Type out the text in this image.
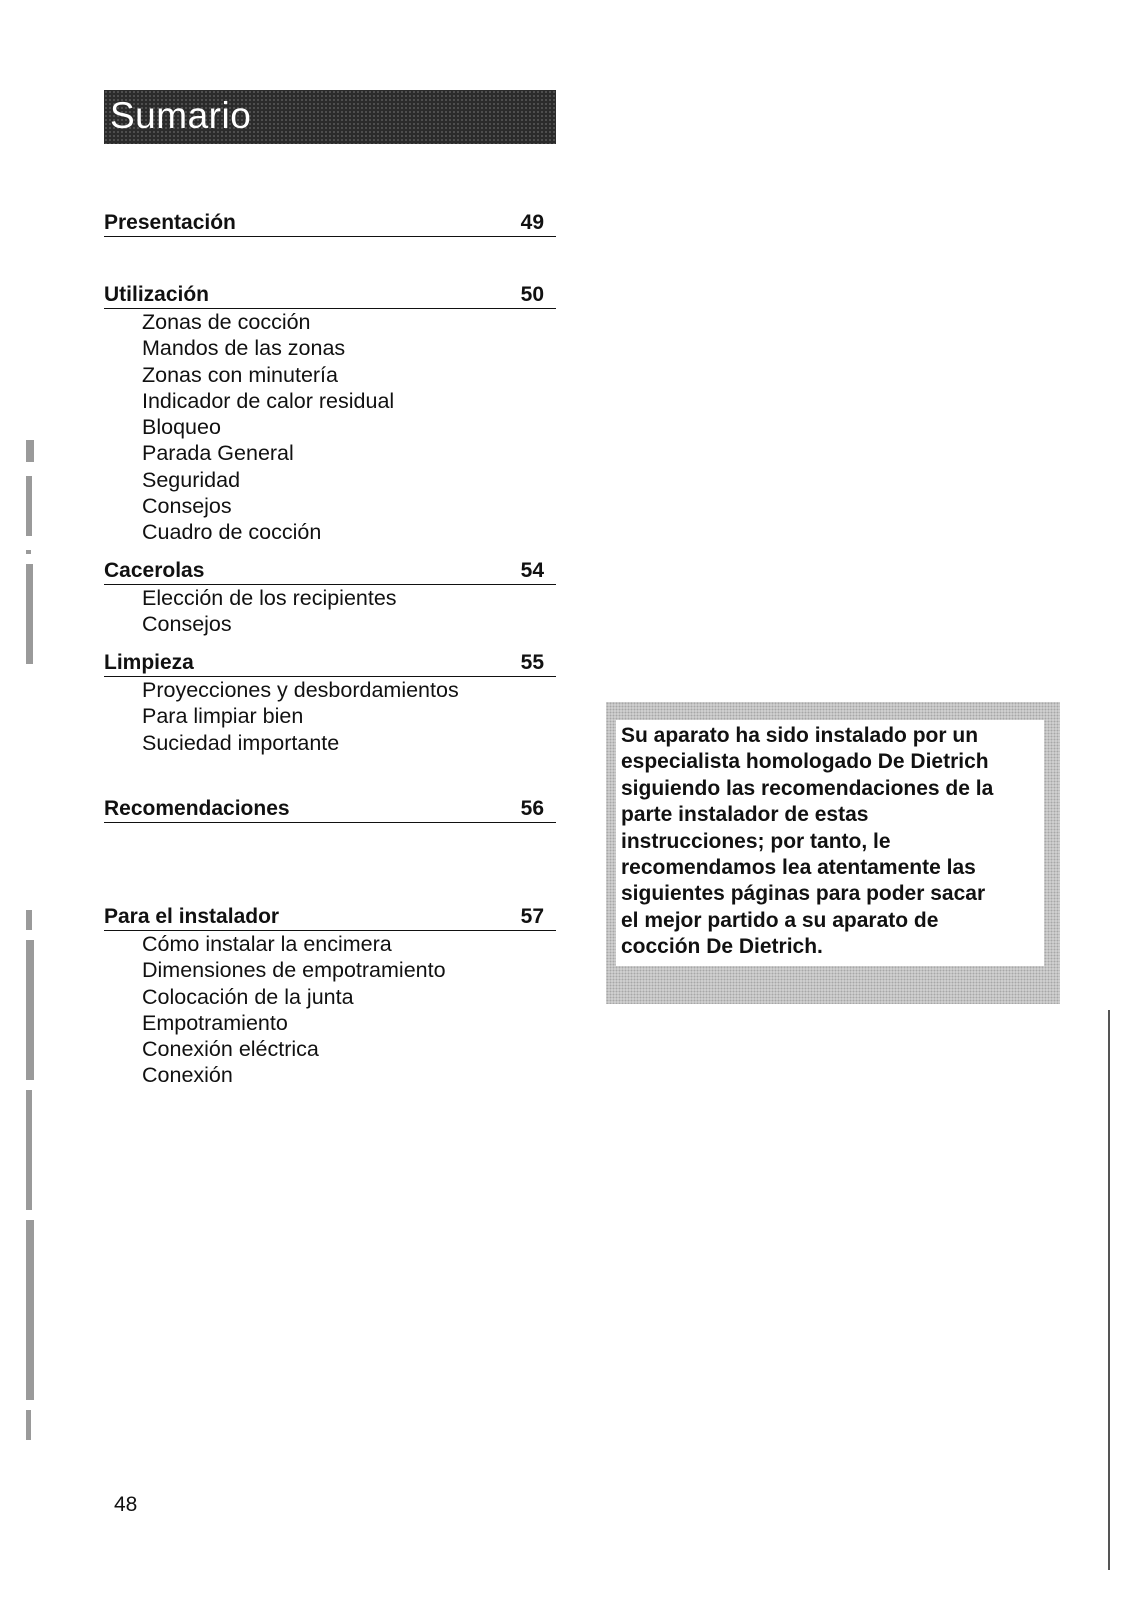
Sumario
Presentación	49
Utilización	50
Zonas de cocción
Mandos de las zonas
Zonas con minutería
Indicador de calor residual
Bloqueo
Parada General
Seguridad
Consejos
Cuadro de cocción
Cacerolas	54
Elección de los recipientes
Consejos
Limpieza	55
Proyecciones y desbordamientos
Para limpiar bien
Suciedad importante
Recomendaciones	56
Para el instalador	57
Cómo instalar la encimera
Dimensiones de empotramiento
Colocación de la junta
Empotramiento
Conexión eléctrica
Conexión
Su aparato ha sido instalado por un
especialista homologado De Dietrich
siguiendo las recomendaciones de la
parte instalador de estas
instrucciones; por tanto, le
recomendamos lea atentamente las
siguientes páginas para poder sacar
el mejor partido a su aparato de
cocción De Dietrich.
48
